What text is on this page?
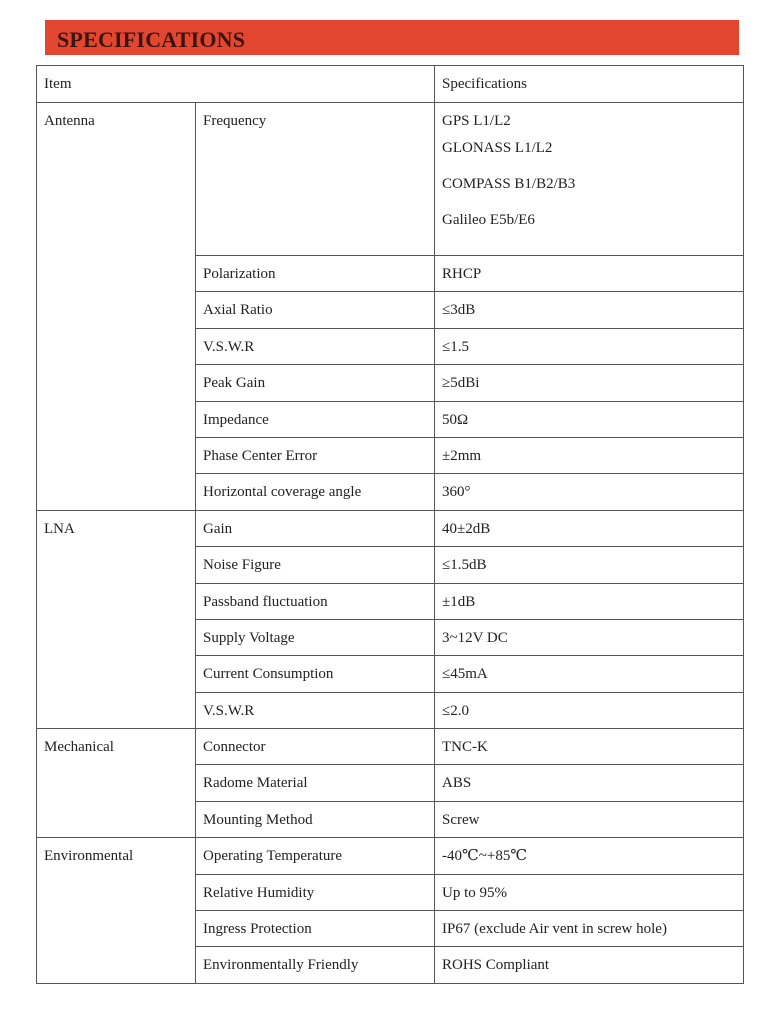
SPECIFICATIONS
Item		Specifications
Antenna	Frequency	GPS L1/L2
GLONASS L1/L2
COMPASS B1/B2/B3
Galileo E5b/E6

	Polarization	RHCP
	Axial Ratio	≤3dB
	V.S.W.R	≤1.5
	Peak Gain	≥5dBi
	Impedance	50Ω
	Phase Center Error	±2mm
	Horizontal coverage angle	360°
LNA	Gain	40±2dB
	Noise Figure	≤1.5dB
	Passband fluctuation	±1dB
	Supply Voltage	3~12V DC
	Current Consumption	≤45mA
	V.S.W.R	≤2.0
Mechanical	Connector	TNC-K
	Radome Material	ABS
	Mounting Method	Screw
Environmental	Operating Temperature	-40℃~+85℃
	Relative Humidity	Up to 95%
	Ingress Protection	IP67 (exclude Air vent in screw hole)
	Environmentally Friendly	ROHS Compliant
